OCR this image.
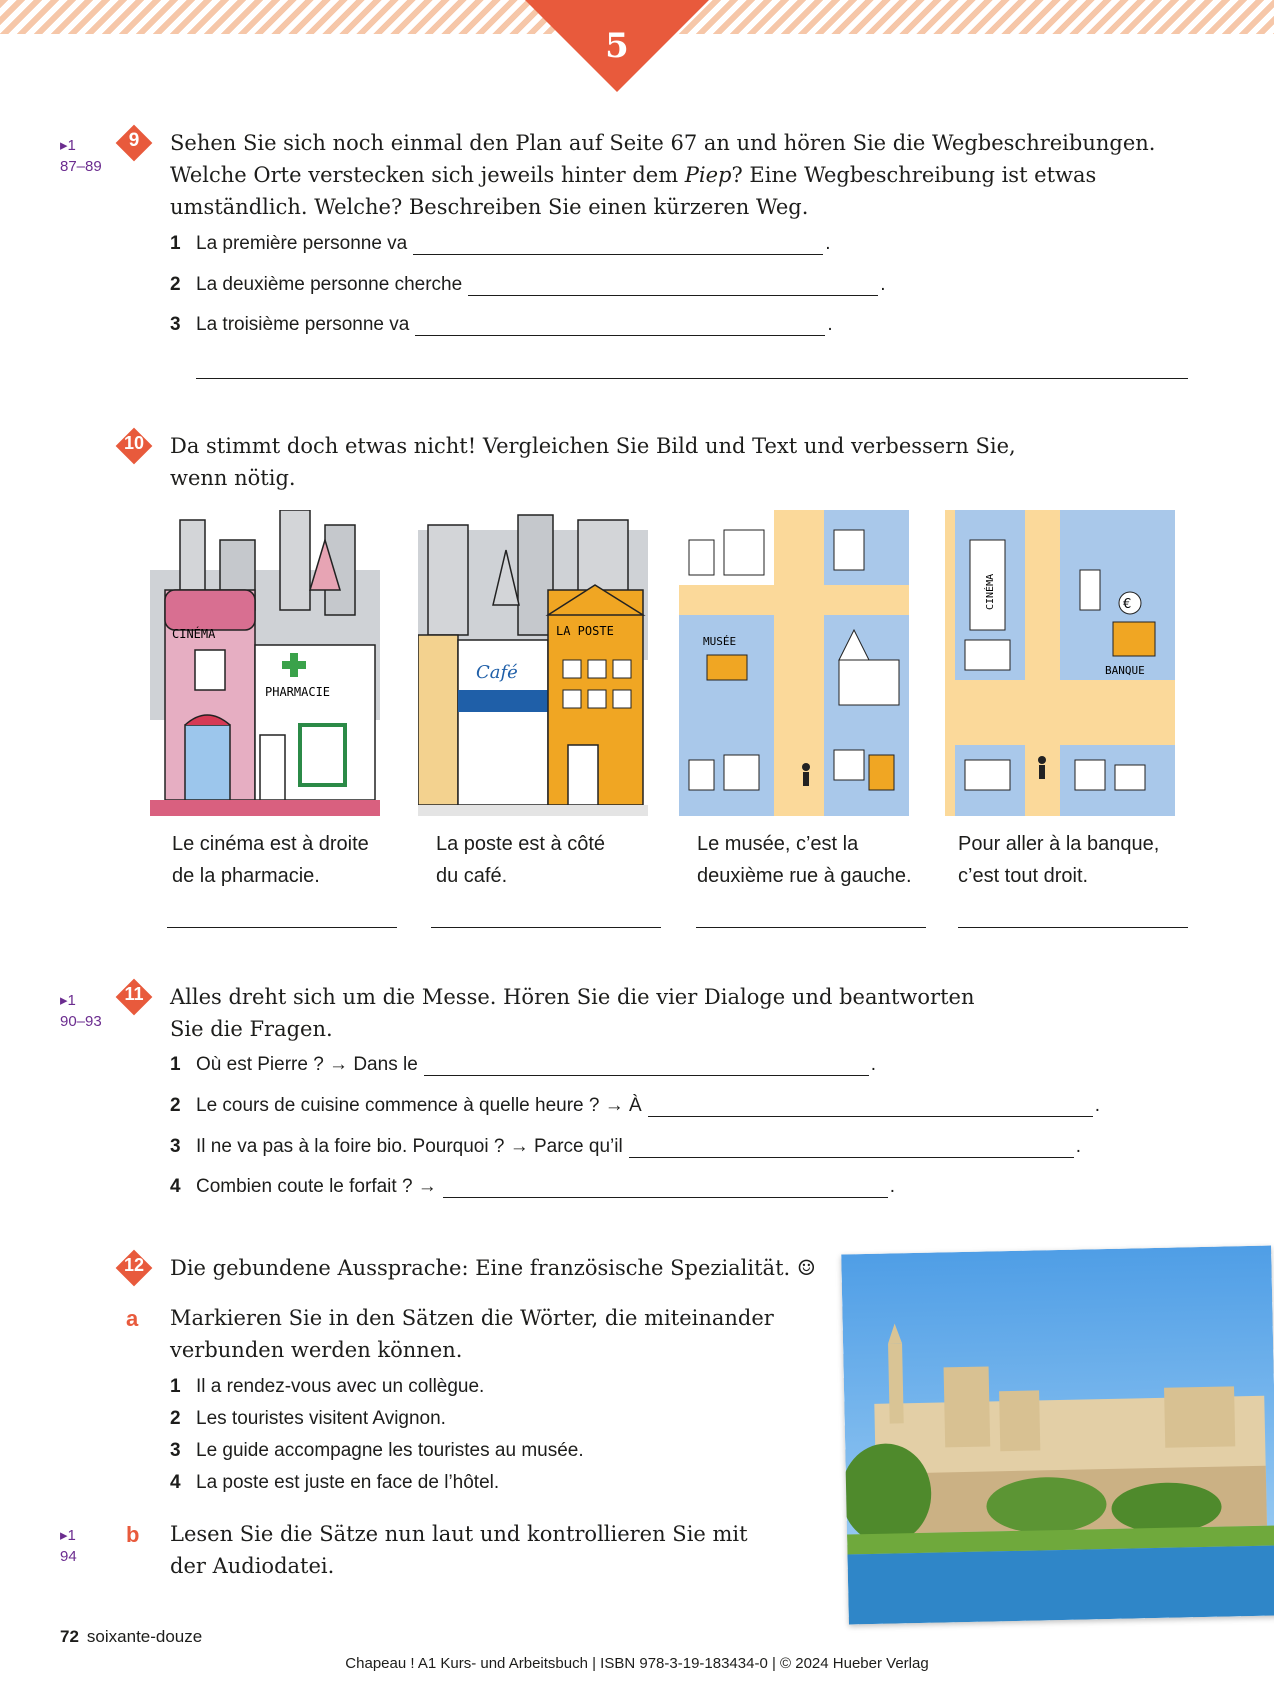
5
▸1
87–89
9	Sehen Sie sich noch einmal den Plan auf Seite 67 an und hören Sie die Wegbeschreibungen.
Welche Orte verstecken sich jeweils hinter dem Piep? Eine Wegbeschreibung ist etwas
umständlich. Welche? Beschreiben Sie einen kürzeren Weg.
1 La première personne va	.
2 La deuxième personne cherche	.
3 La troisième personne va	.
10	Da stimmt doch etwas nicht! Vergleichen Sie Bild und Text und verbessern Sie,
wenn nötig.
CINÉMA
PHARMACIE
Café
LA POSTE
MUSÉE
CINÉMA	€
BANQUE
Le cinéma est à droite
de la pharmacie.
La poste est à côté
du café.
Le musée, c’est la
deuxième rue à gauche.
Pour aller à la banque,
c’est tout droit.
▸1
90–93
11	Alles dreht sich um die Messe. Hören Sie die vier Dialoge und beantworten
Sie die Fragen.
1 Où est Pierre ? → Dans le	.
2 Le cours de cuisine commence à quelle heure ? → À	.
3 Il ne va pas à la foire bio. Pourquoi ? → Parce qu’il	.
4 Combien coute le forfait ? →	.
12	Die gebundene Aussprache: Eine französische Spezialität. ☺
a Markieren Sie in den Sätzen die Wörter, die miteinander
verbunden werden können.
1 Il a rendez-vous avec un collègue.
2 Les touristes visitent Avignon.
3 Le guide accompagne les touristes au musée.
4 La poste est juste en face de l’hôtel.
▸1
94
b Lesen Sie die Sätze nun laut und kontrollieren Sie mit
der Audiodatei.
72 soixante-douze
Chapeau ! A1 Kurs- und Arbeitsbuch | ISBN 978-3-19-183434-0 | © 2024 Hueber Verlag
